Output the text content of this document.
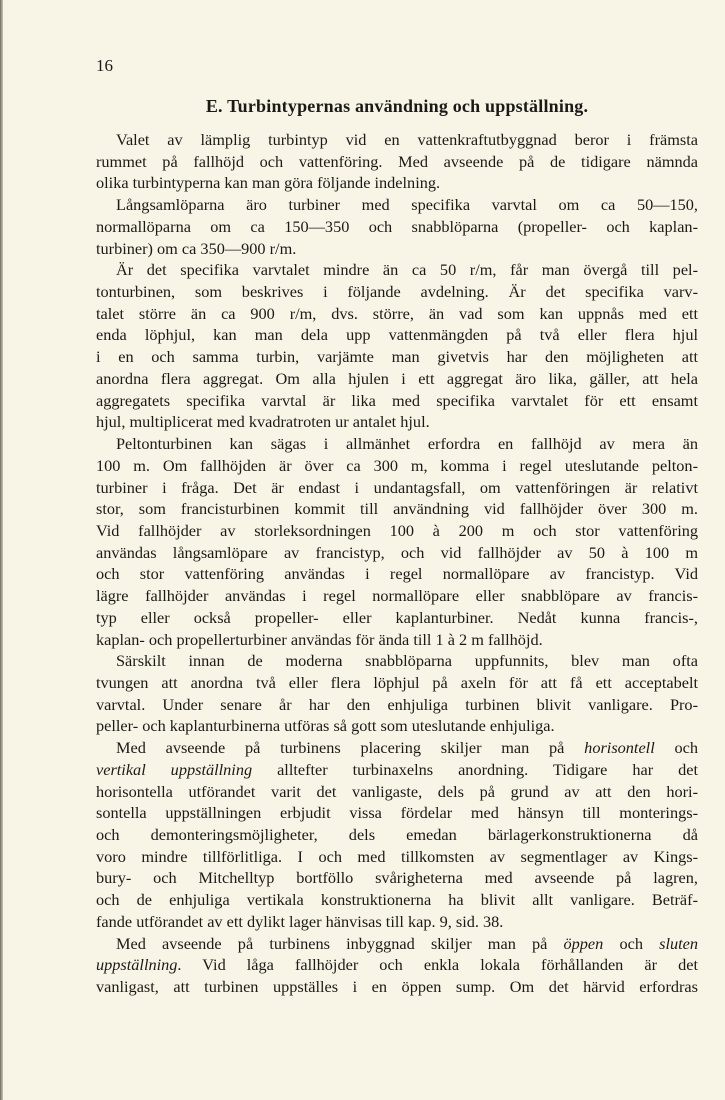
16
E. Turbintypernas användning och uppställning.
Valet av lämplig turbintyp vid en vattenkraftutbyggnad beror i främsta
rummet på fallhöjd och vattenföring. Med avseende på de tidigare nämnda
olika turbintyperna kan man göra följande indelning.
Långsamlöparna äro turbiner med specifika varvtal om ca 50—150,
normallöparna om ca 150—350 och snabblöparna (propeller- och kaplan-
turbiner) om ca 350—900 r/m.
Är det specifika varvtalet mindre än ca 50 r/m, får man övergå till pel-
tonturbinen, som beskrives i följande avdelning. Är det specifika varv-
talet större än ca 900 r/m, dvs. större, än vad som kan uppnås med ett
enda löphjul, kan man dela upp vattenmängden på två eller flera hjul
i en och samma turbin, varjämte man givetvis har den möjligheten att
anordna flera aggregat. Om alla hjulen i ett aggregat äro lika, gäller, att hela
aggregatets specifika varvtal är lika med specifika varvtalet för ett ensamt
hjul, multiplicerat med kvadratroten ur antalet hjul.
Peltonturbinen kan sägas i allmänhet erfordra en fallhöjd av mera än
100 m. Om fallhöjden är över ca 300 m, komma i regel uteslutande pelton-
turbiner i fråga. Det är endast i undantagsfall, om vattenföringen är relativt
stor, som francisturbinen kommit till användning vid fallhöjder över 300 m.
Vid fallhöjder av storleksordningen 100 à 200 m och stor vattenföring
användas långsamlöpare av francistyp, och vid fallhöjder av 50 à 100 m
och stor vattenföring användas i regel normallöpare av francistyp. Vid
lägre fallhöjder användas i regel normallöpare eller snabblöpare av francis-
typ eller också propeller- eller kaplanturbiner. Nedåt kunna francis-,
kaplan- och propellerturbiner användas för ända till 1 à 2 m fallhöjd.
Särskilt innan de moderna snabblöparna uppfunnits, blev man ofta
tvungen att anordna två eller flera löphjul på axeln för att få ett acceptabelt
varvtal. Under senare år har den enhjuliga turbinen blivit vanligare. Pro-
peller- och kaplanturbinerna utföras så gott som uteslutande enhjuliga.
Med avseende på turbinens placering skiljer man på horisontell och
vertikal uppställning alltefter turbinaxelns anordning. Tidigare har det
horisontella utförandet varit det vanligaste, dels på grund av att den hori-
sontella uppställningen erbjudit vissa fördelar med hänsyn till monterings-
och demonteringsmöjligheter, dels emedan bärlagerkonstruktionerna då
voro mindre tillförlitliga. I och med tillkomsten av segmentlager av Kings-
bury- och Mitchelltyp bortföllo svårigheterna med avseende på lagren,
och de enhjuliga vertikala konstruktionerna ha blivit allt vanligare. Beträf-
fande utförandet av ett dylikt lager hänvisas till kap. 9, sid. 38.
Med avseende på turbinens inbyggnad skiljer man på öppen och sluten
uppställning. Vid låga fallhöjder och enkla lokala förhållanden är det
vanligast, att turbinen uppställes i en öppen sump. Om det härvid erfordras
